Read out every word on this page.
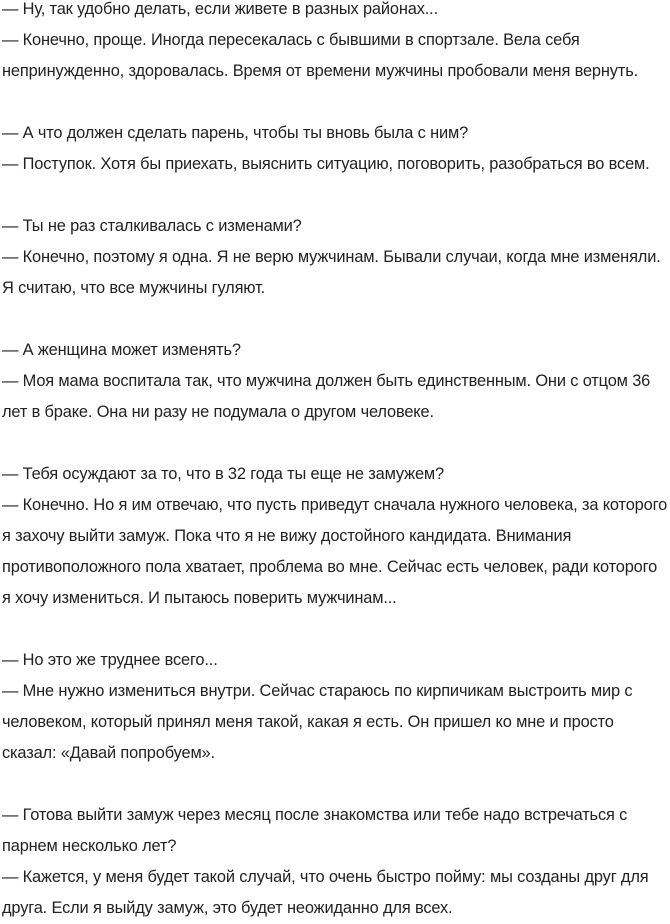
— Ну, так удобно делать, если живете в разных районах...
— Конечно, проще. Иногда пересекалась с бывшими в спортзале. Вела себя непринужденно, здоровалась. Время от времени мужчины пробовали меня вернуть.

— А что должен сделать парень, чтобы ты вновь была с ним?
— Поступок. Хотя бы приехать, выяснить ситуацию, поговорить, разобраться во всем.

— Ты не раз сталкивалась с изменами?
— Конечно, поэтому я одна. Я не верю мужчинам. Бывали случаи, когда мне изменяли. Я считаю, что все мужчины гуляют.

— А женщина может изменять?
— Моя мама воспитала так, что мужчина должен быть единственным. Они с отцом 36 лет в браке. Она ни разу не подумала о другом человеке.

— Тебя осуждают за то, что в 32 года ты еще не замужем?
— Конечно. Но я им отвечаю, что пусть приведут сначала нужного человека, за которого я захочу выйти замуж. Пока что я не вижу достойного кандидата. Внимания противоположного пола хватает, проблема во мне. Сейчас есть человек, ради которого я хочу измениться. И пытаюсь поверить мужчинам...

— Но это же труднее всего...
— Мне нужно измениться внутри. Сейчас стараюсь по кирпичикам выстроить мир с человеком, который принял меня такой, какая я есть. Он пришел ко мне и просто сказал: «Давай попробуем».

— Готова выйти замуж через месяц после знакомства или тебе надо встречаться с парнем несколько лет?
— Кажется, у меня будет такой случай, что очень быстро пойму: мы созданы друг для друга. Если я выйду замуж, это будет неожиданно для всех.
